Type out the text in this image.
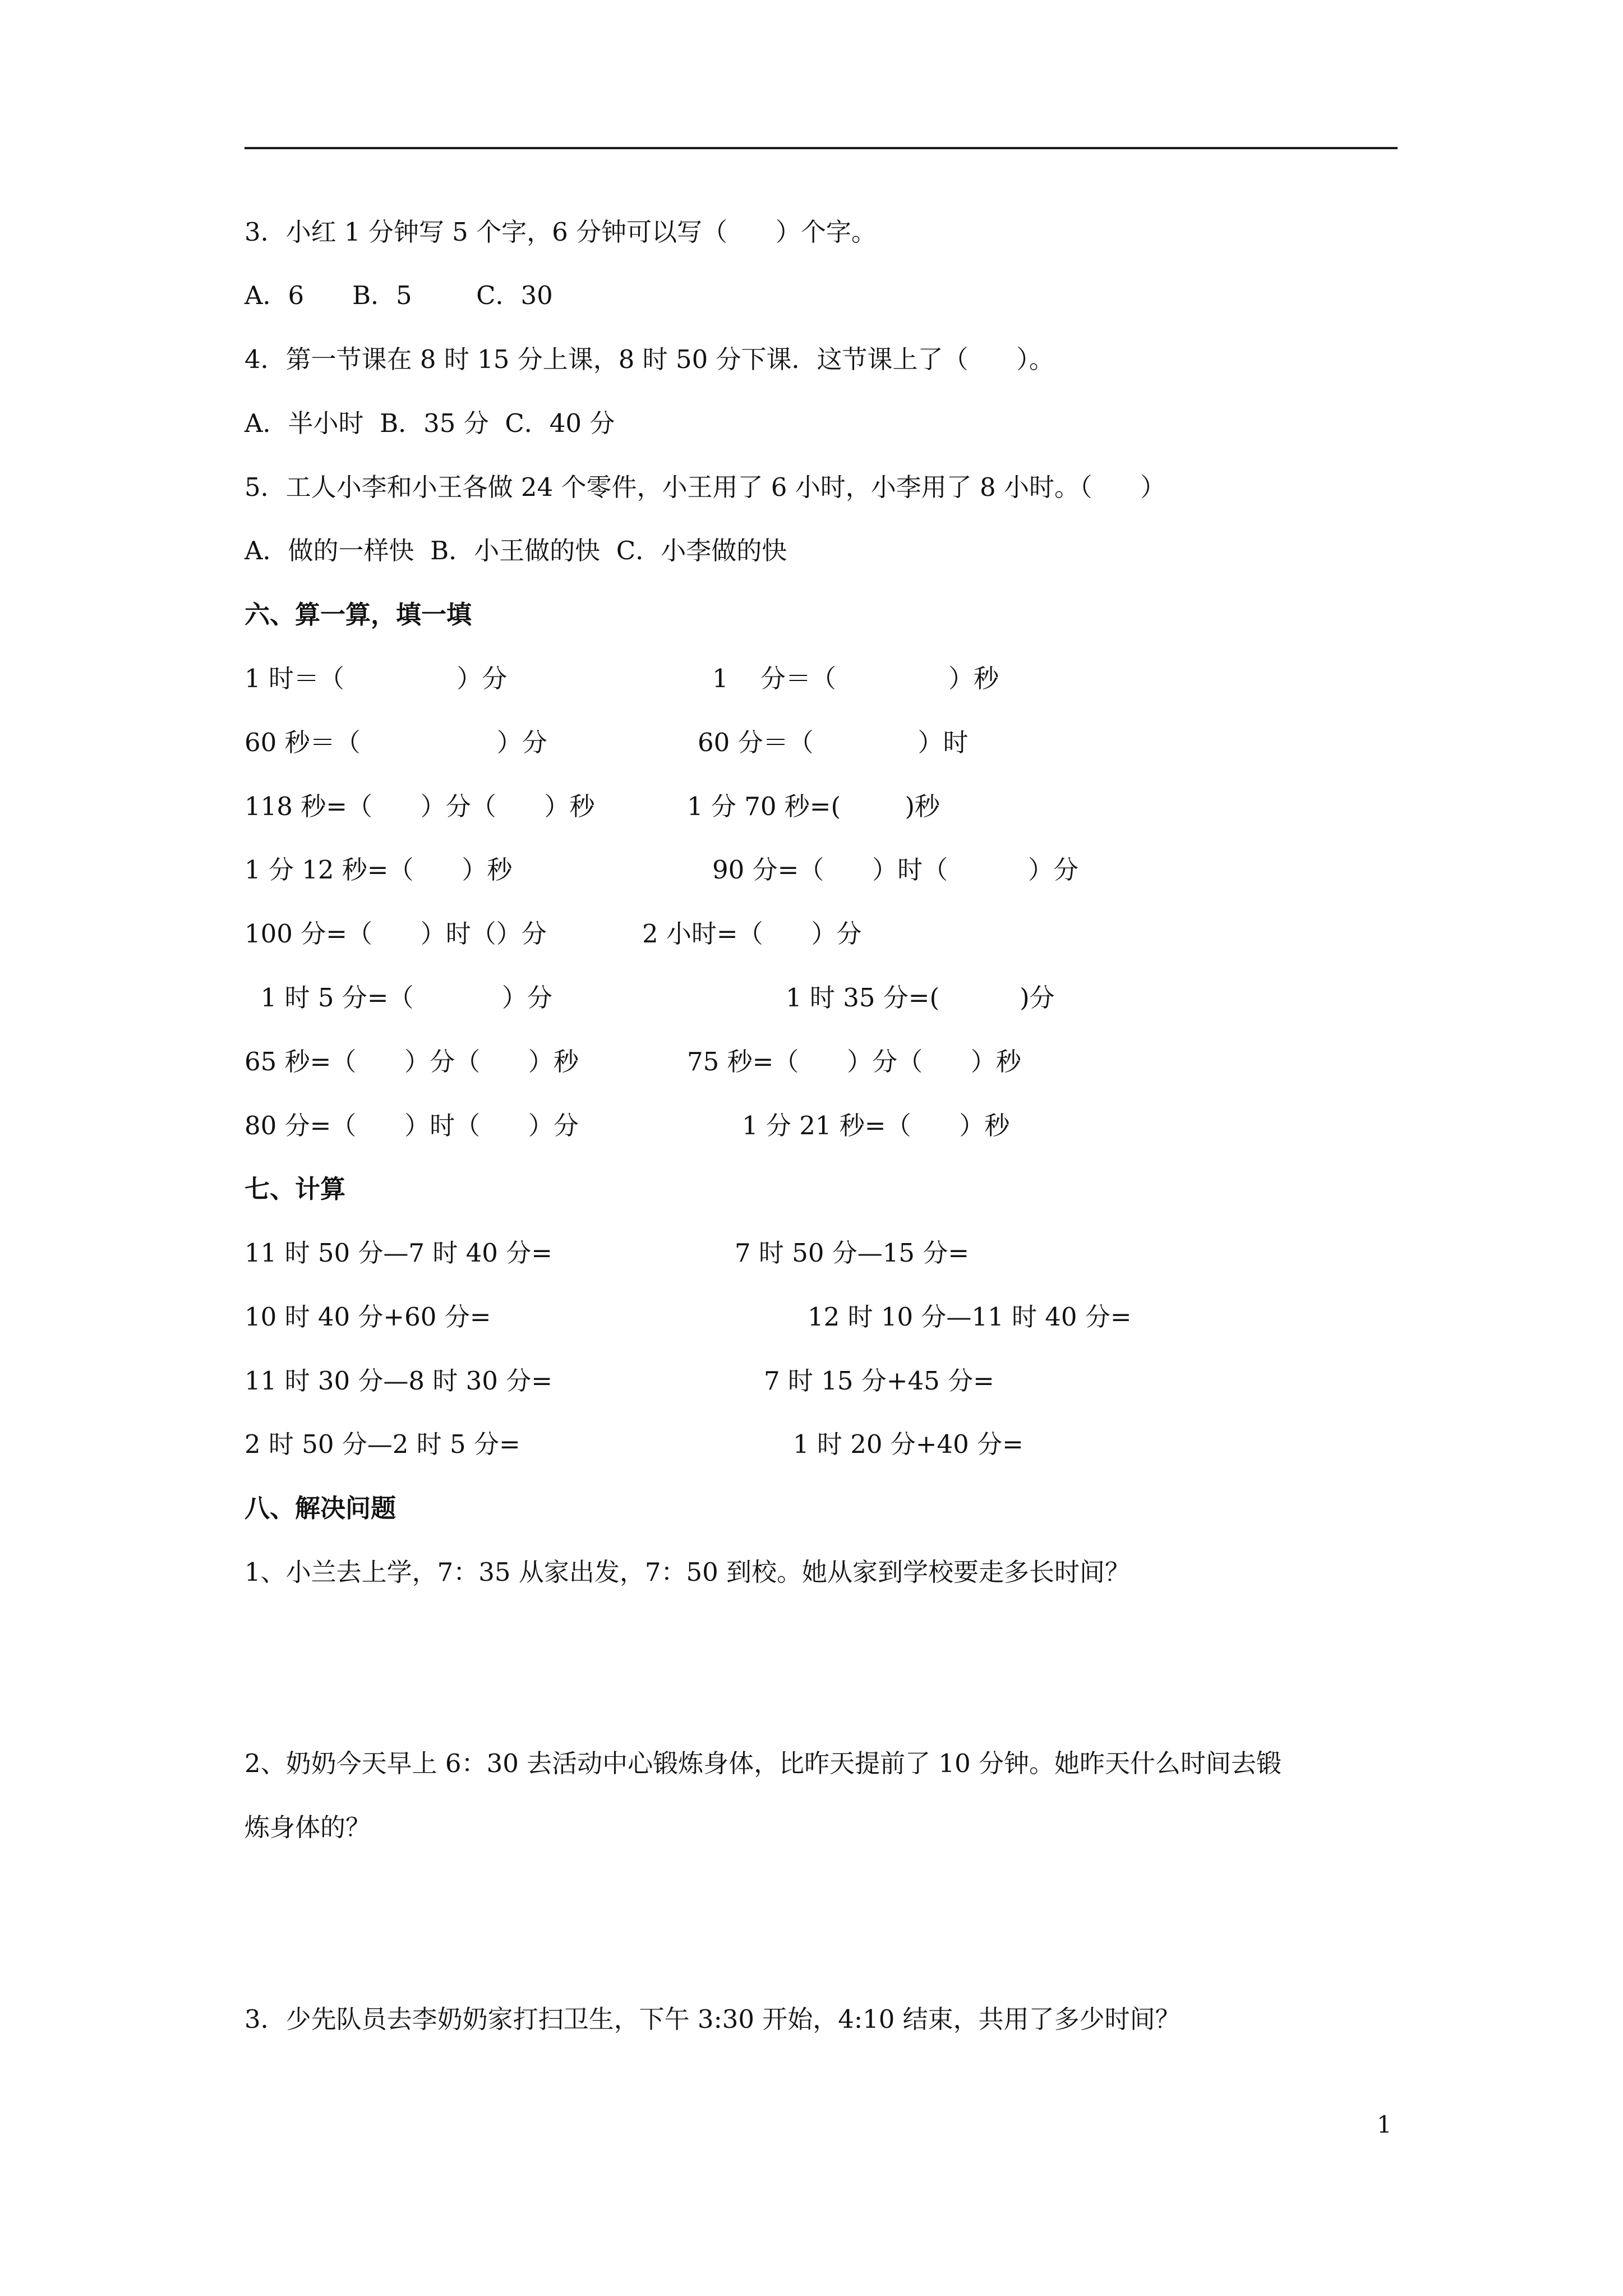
3．小红 1 分钟写 5 个字，6 分钟可以写（      ）个字。
A．6      B．5        C．30
4．第一节课在 8 时 15 分上课，8 时 50 分下课．这节课上了（      ）。
A．半小时  B．35 分  C．40 分
5．工人小李和小王各做 24 个零件，小王用了 6 小时，小李用了 8 小时。（      ）
A．做的一样快  B．小王做的快  C．小李做的快
六、算一算，填一填
1 时＝（              ）分	1    分＝（              ）秒
60 秒＝（                 ）分	60 分＝（             ）时
118 秒=（      ）分（      ）秒	1 分 70 秒=(        )秒
1 分 12 秒=（      ）秒	90 分=（      ）时（          ）分
100 分=（      ）时（）分	2 小时=（      ）分
1 时 5 分=（           ）分	1 时 35 分=(          )分
65 秒=（      ）分（      ）秒	75 秒=（      ）分（      ）秒
80 分=（      ）时（      ）分	1 分 21 秒=（      ）秒
七、计算
11 时 50 分—7 时 40 分=	7 时 50 分—15 分=
10 时 40 分+60 分=	12 时 10 分—11 时 40 分=
11 时 30 分—8 时 30 分=	7 时 15 分+45 分=
2 时 50 分—2 时 5 分=	1 时 20 分+40 分=
八、解决问题
1、小兰去上学，7：35 从家出发，7：50 到校。她从家到学校要走多长时间？
2、奶奶今天早上 6：30 去活动中心锻炼身体，比昨天提前了 10 分钟。她昨天什么时间去锻
炼身体的？
3．少先队员去李奶奶家打扫卫生，下午 3:30 开始，4:10 结束，共用了多少时间？
1
